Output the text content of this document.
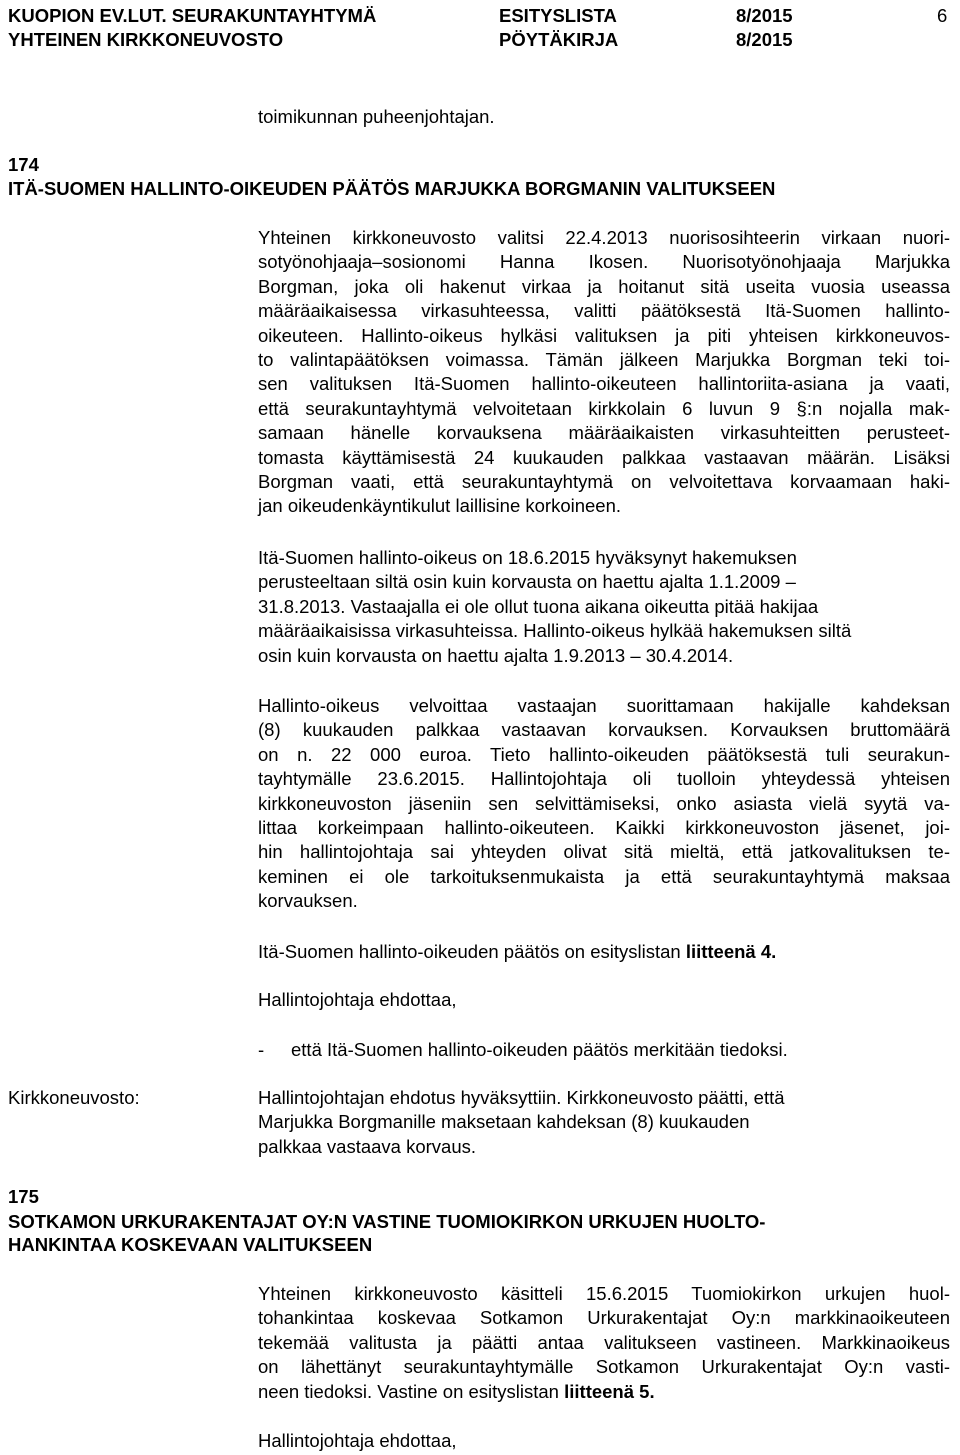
KUOPION EV.LUT. SEURAKUNTAYHTYMÄ
YHTEINEN KIRKKONEUVOSTO
ESITYSLISTA
PÖYTÄKIRJA
8/2015
8/2015
6
toimikunnan puheenjohtajan.
174
ITÄ-SUOMEN HALLINTO-OIKEUDEN PÄÄTÖS MARJUKKA BORGMANIN VALITUKSEEN
Yhteinen kirkkoneuvosto valitsi 22.4.2013 nuorisosihteerin virkaan nuori-
sotyönohjaaja–sosionomi Hanna Ikosen. Nuorisotyönohjaaja Marjukka
Borgman, joka oli hakenut virkaa ja hoitanut sitä useita vuosia useassa
määräaikaisessa virkasuhteessa, valitti päätöksestä Itä-Suomen hallinto-
oikeuteen. Hallinto-oikeus hylkäsi valituksen ja piti yhteisen kirkkoneuvos-
to valintapäätöksen voimassa. Tämän jälkeen Marjukka Borgman teki toi-
sen valituksen Itä-Suomen hallinto-oikeuteen hallintoriita-asiana ja vaati,
että seurakuntayhtymä velvoitetaan kirkkolain 6 luvun 9 §:n nojalla mak-
samaan hänelle korvauksena määräaikaisten virkasuhteitten perusteet-
tomasta käyttämisestä 24 kuukauden palkkaa vastaavan määrän. Lisäksi
Borgman vaati, että seurakuntayhtymä on velvoitettava korvaamaan haki-
jan oikeudenkäyntikulut laillisine korkoineen.
Itä-Suomen hallinto-oikeus on 18.6.2015 hyväksynyt hakemuksen
perusteeltaan siltä osin kuin korvausta on haettu ajalta 1.1.2009 –
31.8.2013. Vastaajalla ei ole ollut tuona aikana oikeutta pitää hakijaa
määräaikaisissa virkasuhteissa. Hallinto-oikeus hylkää hakemuksen siltä
osin kuin korvausta on haettu ajalta 1.9.2013 – 30.4.2014.
Hallinto-oikeus velvoittaa vastaajan suorittamaan hakijalle kahdeksan
(8) kuukauden palkkaa vastaavan korvauksen. Korvauksen bruttomäärä
on n. 22 000 euroa. Tieto hallinto-oikeuden päätöksestä tuli seurakun-
tayhtymälle 23.6.2015. Hallintojohtaja oli tuolloin yhteydessä yhteisen
kirkkoneuvoston jäseniin sen selvittämiseksi, onko asiasta vielä syytä va-
littaa korkeimpaan hallinto-oikeuteen. Kaikki kirkkoneuvoston jäsenet, joi-
hin hallintojohtaja sai yhteyden olivat sitä mieltä, että jatkovalituksen te-
keminen ei ole tarkoituksenmukaista ja että seurakuntayhtymä maksaa
korvauksen.
Itä-Suomen hallinto-oikeuden päätös on esityslistan liitteenä 4.
Hallintojohtaja ehdottaa,
- että Itä-Suomen hallinto-oikeuden päätös merkitään tiedoksi.
Kirkkoneuvosto:	Hallintojohtajan ehdotus hyväksyttiin. Kirkkoneuvosto päätti, että
Marjukka Borgmanille maksetaan kahdeksan (8) kuukauden
palkkaa vastaava korvaus.
175
SOTKAMON URKURAKENTAJAT OY:N VASTINE TUOMIOKIRKON URKUJEN HUOLTO-
HANKINTAA KOSKEVAAN VALITUKSEEN
Yhteinen kirkkoneuvosto käsitteli 15.6.2015 Tuomiokirkon urkujen huol-
tohankintaa koskevaa Sotkamon Urkurakentajat Oy:n markkinaoikeuteen
tekemää valitusta ja päätti antaa valitukseen vastineen. Markkinaoikeus
on lähettänyt seurakuntayhtymälle Sotkamon Urkurakentajat Oy:n vasti-
neen tiedoksi. Vastine on esityslistan liitteenä 5.
Hallintojohtaja ehdottaa,
